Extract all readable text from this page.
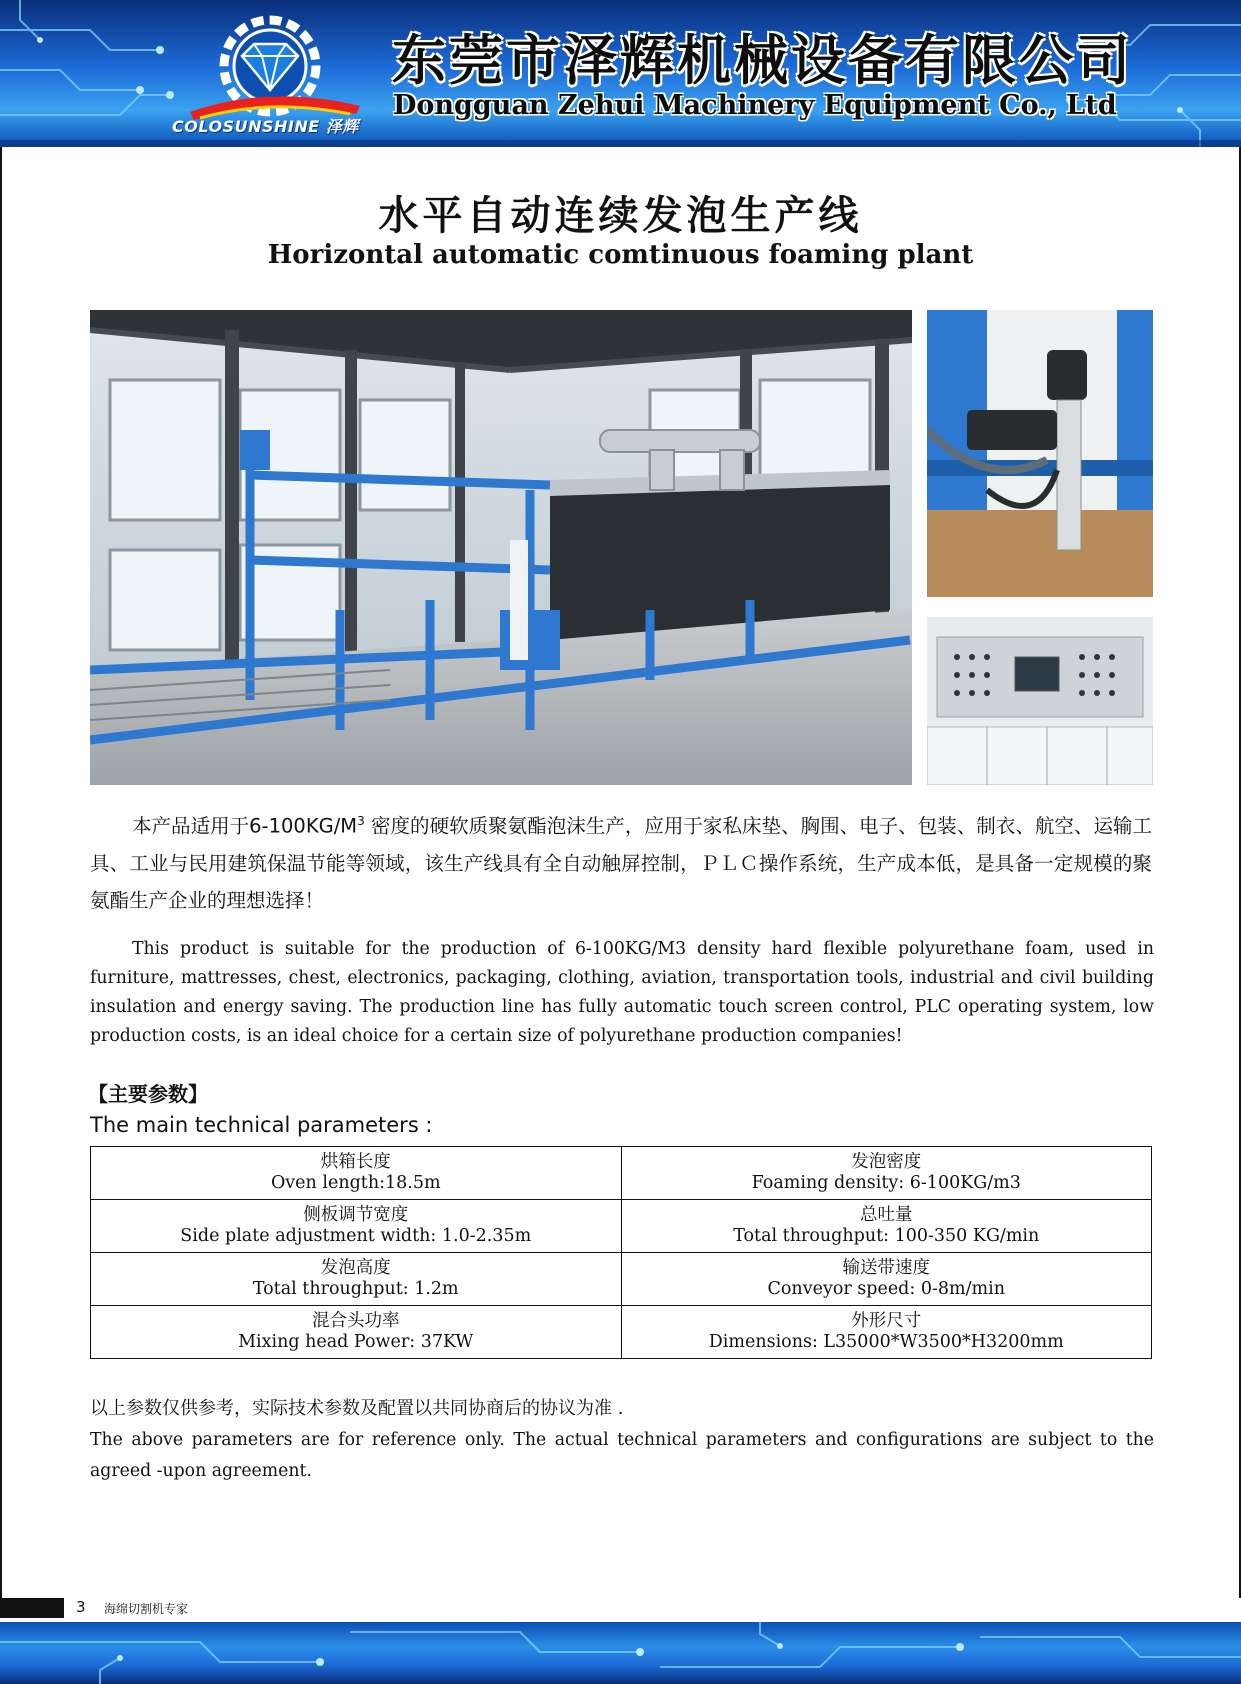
COLOSUNSHINE 泽辉
东莞市泽辉机械设备有限公司
Dongguan Zehui Machinery Equipment Co., Ltd
水平自动连续发泡生产线
Horizontal automatic comtinuous foaming plant
本产品适用于$6-100KG/M^3$ 密度的硬软质聚氨酯泡沫生产，应用于家私床垫、胸围、电子、包装、制衣、航空、运输工具、工业与民用建筑保温节能等领域，该生产线具有全自动触屏控制，ＰＬＣ操作系统，生产成本低，是具备一定规模的聚氨酯生产企业的理想选择！
This product is suitable for the production of 6-100KG/M3 density hard flexible polyurethane foam, used in furniture, mattresses, chest, electronics, packaging, clothing, aviation, transportation tools, industrial and civil building insulation and energy saving. The production line has fully automatic touch screen control, PLC operating system, low production costs, is an ideal choice for a certain size of polyurethane production companies!
【主要参数】
The main technical parameters :
烘箱长度
Oven length:18.5m	发泡密度
Foaming density: 6-100KG/m3

侧板调节宽度
Side plate adjustment width: 1.0-2.35m	总吐量
Total throughput: 100-350 KG/min

发泡高度
Total throughput: 1.2m	输送带速度
Conveyor speed: 0-8m/min

混合头功率
Mixing head Power: 37KW	外形尺寸
Dimensions: L35000*W3500*H3200mm
以上参数仅供参考，实际技术参数及配置以共同协商后的协议为准 .
The above parameters are for reference only. The actual technical parameters and configurations are subject to the agreed -upon agreement.
3 海绵切割机专家
